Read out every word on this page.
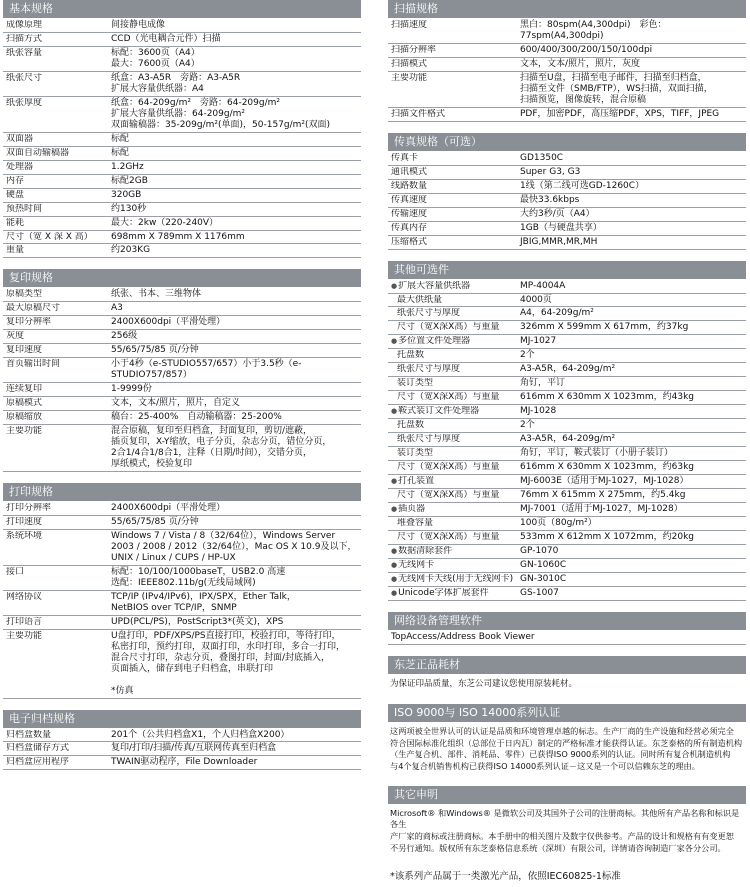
基本规格
成像原理	间接静电成像
扫描方式	CCD（光电耦合元件）扫描
纸张容量	标配：3600页（A4）
最大：7600页（A4）
纸张尺寸	纸盒：A3-A5R　旁路：A3-A5R
扩展大容量供纸器：A4
纸张厚度	纸盒：64-209g/m²　旁路：64-209g/m²
扩展大容量供纸器：64-209g/m²
双面输稿器：35-209g/m²(单面)，50-157g/m²(双面)
双面器	标配
双面自动输稿器	标配
处理器	1.2GHz
内存	标配2GB
硬盘	320GB
预热时间	约130秒
能耗	最大：2kw（220-240V）
尺寸（宽 X 深 X 高）	698mm X 789mm X 1176mm
重量	约203KG
复印规格
原稿类型	纸张、书本、三维物体
最大原稿尺寸	A3
复印分辨率	2400X600dpi（平滑处理）
灰度	256级
复印速度	55/65/75/85 页/分钟
首页输出时间	小于4秒（e-STUDIO557/657）小于3.5秒（e-STUDIO757/857）
连续复印	1-9999份
原稿模式	文本，文本/照片，照片，自定义
原稿缩放	稿台：25-400%　自动输稿器：25-200%
主要功能	混合原稿，复印至归档盒，封面复印，剪切/遮蔽，
插页复印，X-Y缩放，电子分页，杂志分页，错位分页，
2合1/4合1/8合1，注释（日期/时间），交错分页，
厚纸模式，校验复印
打印规格
打印分辨率	2400X600dpi（平滑处理）
打印速度	55/65/75/85 页/分钟
系统环境	Windows 7 / Vista / 8（32/64位），Windows Server
2003 / 2008 / 2012（32/64位），Mac OS X 10.9及以下，
UNIX / Linux / CUPS / HP-UX
接口	标配：10/100/1000baseT，USB2.0 高速
选配：IEEE802.11b/g(无线局域网)
网络协议	TCP/IP (IPv4/IPv6)，IPX/SPX，Ether Talk，
NetBIOS over TCP/IP，SNMP
打印语言	UPD(PCL/PS)，PostScript3*(英文)，XPS
主要功能	U盘打印，PDF/XPS/PS直接打印，校验打印，等待打印，
私密打印，预约打印，双面打印，水印打印，多合一打印，
混合尺寸打印，杂志分页，叠图打印，封面/封底插入，
页面插入，储存到电子归档盒，串联打印

*仿真
电子归档规格
归档盒数量	201个（公共归档盒X1，个人归档盒X200）
归档盒储存方式	复印/打印/扫描/传真/互联网传真至归档盒
归档盒应用程序	TWAIN驱动程序，File Downloader
扫描规格
扫描速度	黑白：80spm(A4,300dpi)　彩色：77spm(A4,300dpi)
扫描分辨率	600/400/300/200/150/100dpi
扫描模式	文本，文本/照片，照片，灰度
主要功能	扫描至U盘，扫描至电子邮件，扫描至归档盒，
扫描至文件（SMB/FTP），WS扫描，双面扫描，
扫描预览，图像旋转，混合原稿
扫描文件格式	PDF，加密PDF，高压缩PDF，XPS，TIFF，JPEG
传真规格（可选）
传真卡	GD1350C
通讯模式	Super G3, G3
线路数量	1线（第二线可选GD-1260C）
传真速度	最快33.6kbps
传输速度	大约3秒/页（A4）
传真内存	1GB（与硬盘共享）
压缩格式	JBIG,MMR,MR,MH
其他可选件
● 扩展大容量供纸器	MP-4004A
最大供纸量	4000页
纸张尺寸与厚度	A4，64-209g/m²
尺寸（宽X深X高）与重量	326mm X 599mm X 617mm，约37kg
● 多位置文件处理器	MJ-1027
托盘数	2个
纸张尺寸与厚度	A3-A5R，64-209g/m²
装订类型	角钉，平订
尺寸（宽X深X高）与重量	616mm X 630mm X 1023mm，约43kg
● 鞍式装订文件处理器	MJ-1028
托盘数	2个
纸张尺寸与厚度	A3-A5R，64-209g/m²
装订类型	角钉，平订，鞍式装订（小册子装订）
尺寸（宽X深X高）与重量	616mm X 630mm X 1023mm，约63kg
● 打孔装置	MJ-6003E（适用于MJ-1027，MJ-1028）
尺寸（宽X深X高）与重量	76mm X 615mm X 275mm，约5.4kg
● 插页器	MJ-7001（适用于MJ-1027，MJ-1028）
堆叠容量	100页（80g/m²）
尺寸（宽X深X高）与重量	533mm X 612mm X 1072mm，约20kg
● 数据清除套件	GP-1070
● 无线网卡	GN-1060C
● 无线网卡天线(用于无线网卡) GN-3010C
● Unicode字体扩展套件	GS-1007
网络设备管理软件
TopAccess/Address Book Viewer
东芝正品耗材
为保证印品质量，东芝公司建议您使用原装耗材。
ISO 9000与 ISO 14000系列认证
这两项被全世界认可的认证是品质和环境管理卓越的标志。生产厂商的生产设施和经营必须完全
符合国际标准化组织（总部位于日内瓦）制定的严格标准才能获得认证。东芝泰格的所有制造机构
（生产复合机、部件、消耗品、零件）已获得ISO 9000系列的认证。同时所有复合机制造机构
与4个复合机销售机构已获得ISO 14000系列认证－这又是一个可以信赖东芝的理由。
其它申明
Microsoft® 和Windows® 是微软公司及其国外子公司的注册商标。其他所有产品名称和标识是各生
产厂家的商标或注册商标。本手册中的相关图片及数字仅供参考。产品的设计和规格有有变更恕
不另行通知。版权所有东芝泰格信息系统（深圳）有限公司，详情请咨询制造厂家各分公司。
*该系列产品属于一类激光产品，依照IEC60825-1标准
